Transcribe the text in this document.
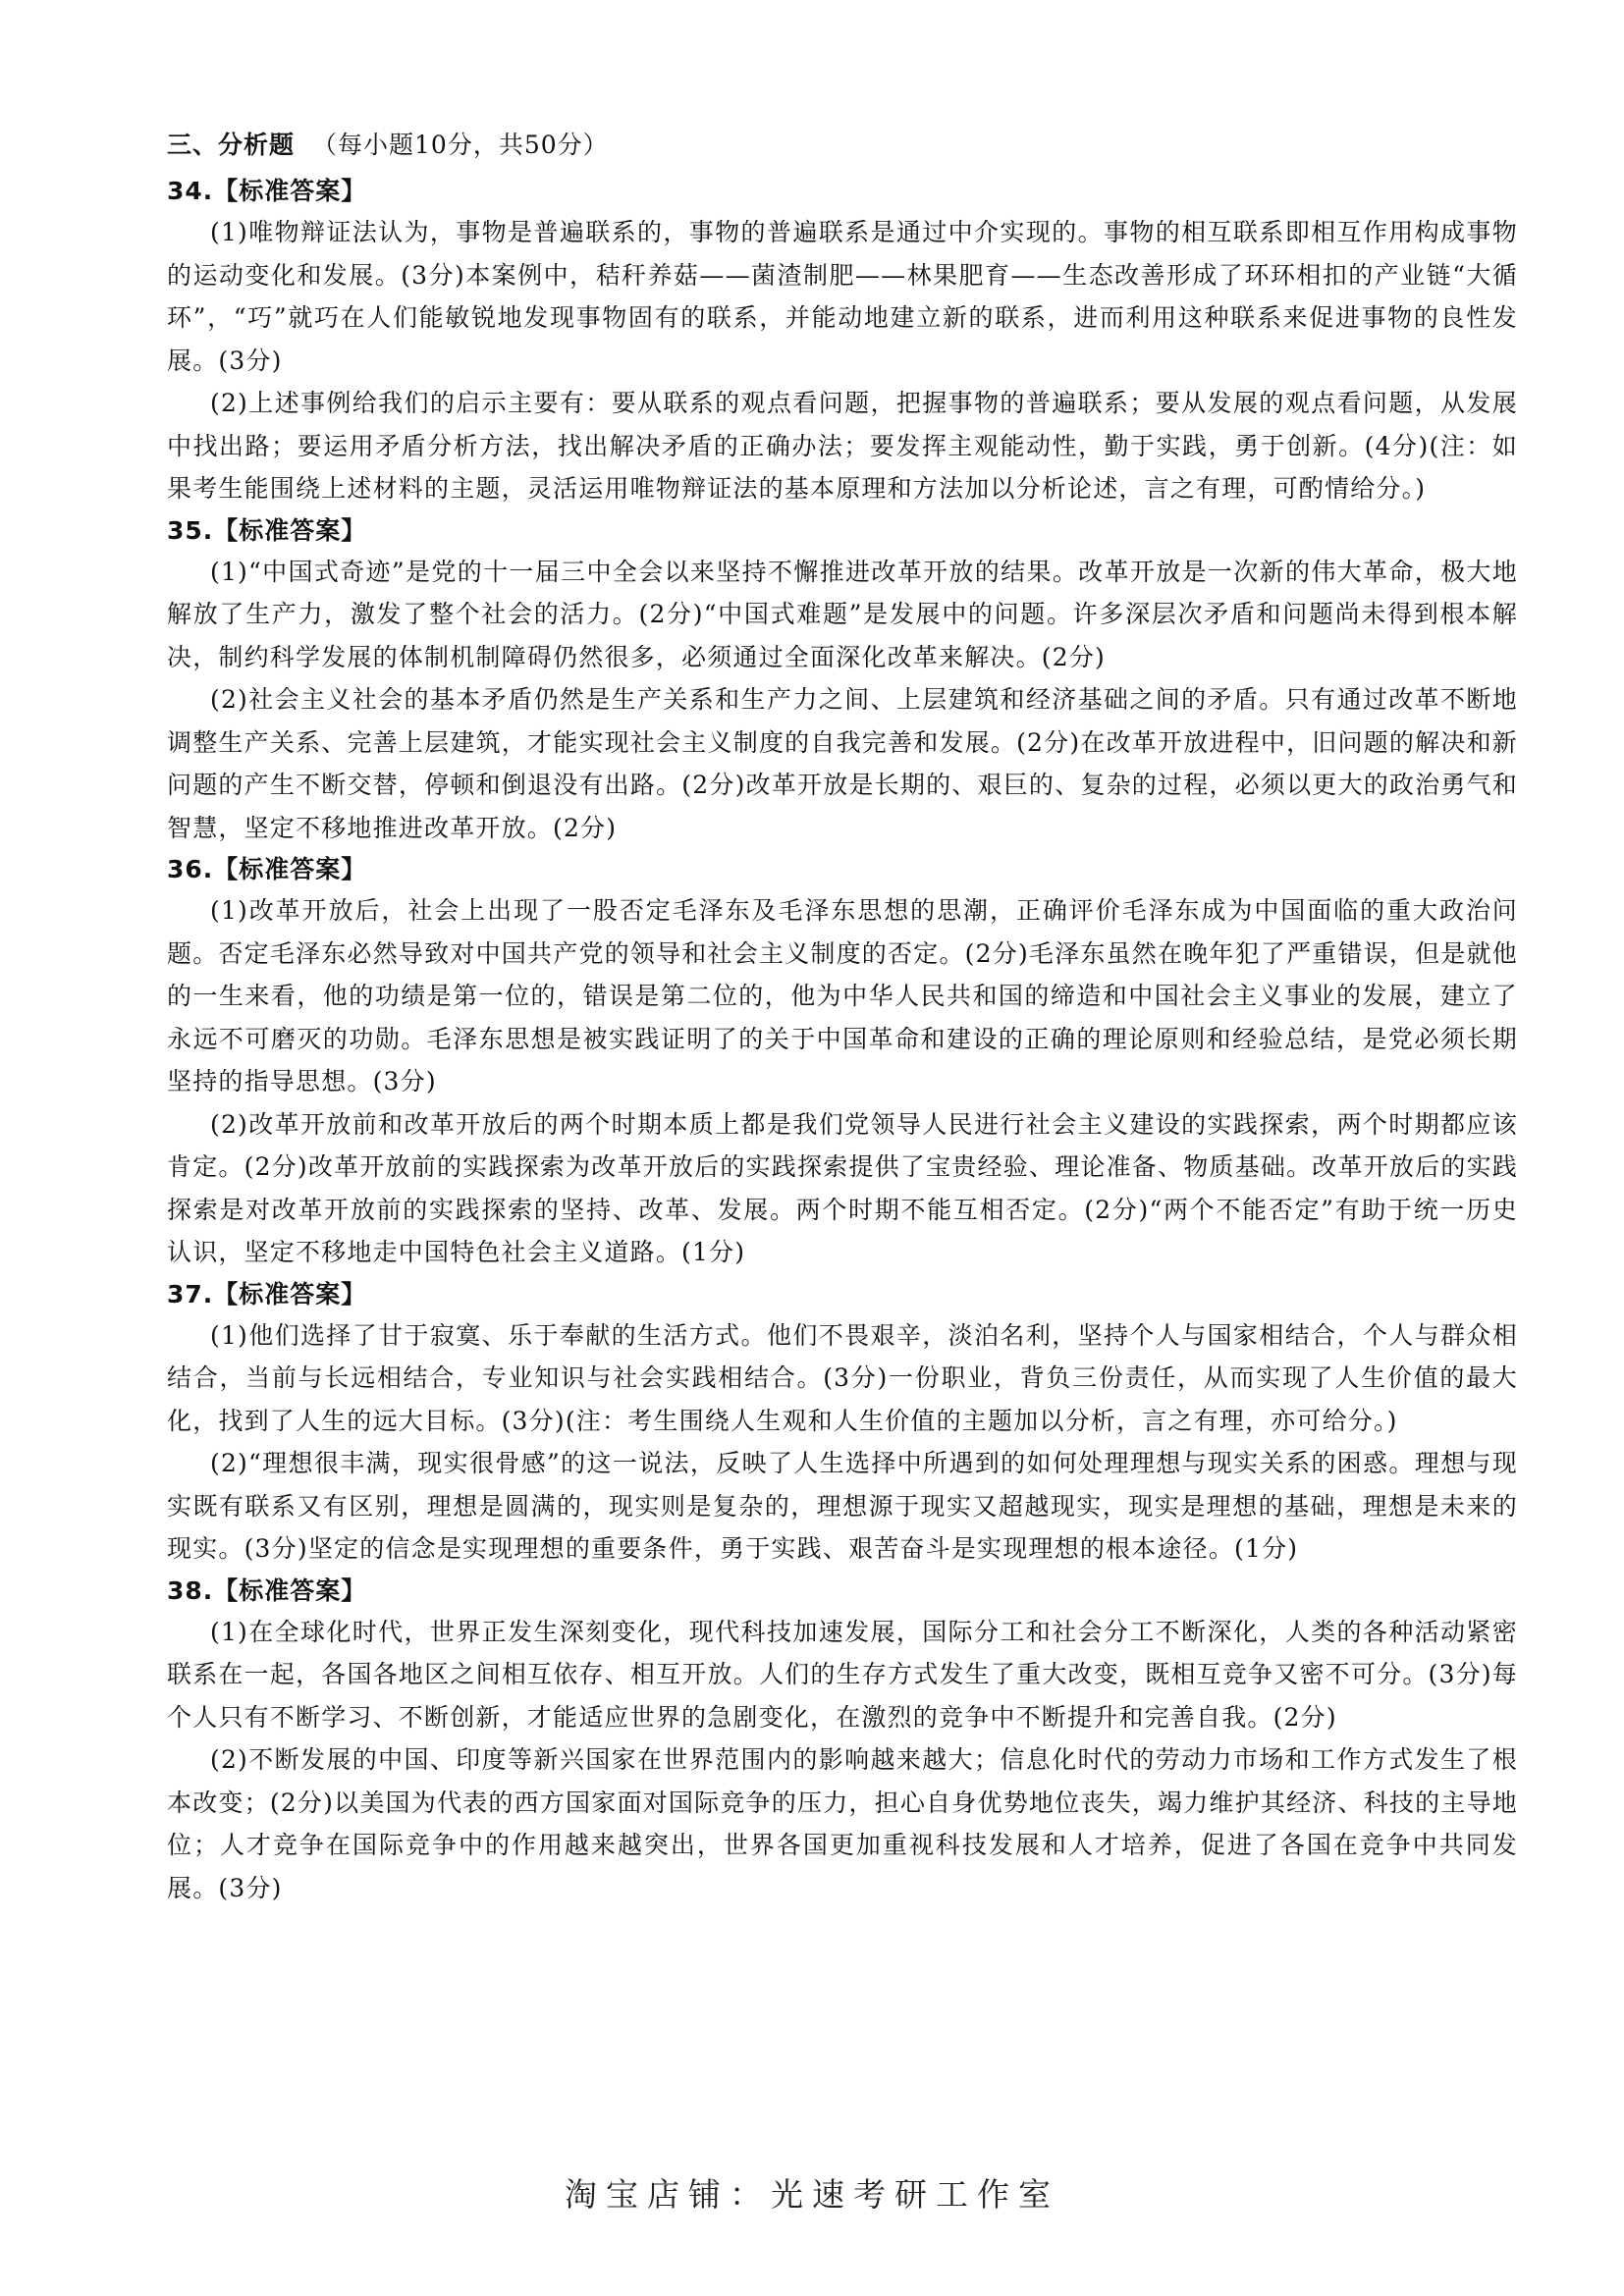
三、分析题 （每小题10分，共50分）
34.【标准答案】

(1)唯物辩证法认为，事物是普遍联系的，事物的普遍联系是通过中介实现的。事物的相互联系即相互作用构成事物的运动变化和发展。(3分)本案例中，秸秆养菇——菌渣制肥——林果肥育——生态改善形成了环环相扣的产业链“大循环”，“巧”就巧在人们能敏锐地发现事物固有的联系，并能动地建立新的联系，进而利用这种联系来促进事物的良性发展。(3分)

(2)上述事例给我们的启示主要有：要从联系的观点看问题，把握事物的普遍联系；要从发展的观点看问题，从发展中找出路；要运用矛盾分析方法，找出解决矛盾的正确办法；要发挥主观能动性，勤于实践，勇于创新。(4分)(注：如果考生能围绕上述材料的主题，灵活运用唯物辩证法的基本原理和方法加以分析论述，言之有理，可酌情给分。)

35.【标准答案】

(1)“中国式奇迹”是党的十一届三中全会以来坚持不懈推进改革开放的结果。改革开放是一次新的伟大革命，极大地解放了生产力，激发了整个社会的活力。(2分)“中国式难题”是发展中的问题。许多深层次矛盾和问题尚未得到根本解决，制约科学发展的体制机制障碍仍然很多，必须通过全面深化改革来解决。(2分)

(2)社会主义社会的基本矛盾仍然是生产关系和生产力之间、上层建筑和经济基础之间的矛盾。只有通过改革不断地调整生产关系、完善上层建筑，才能实现社会主义制度的自我完善和发展。(2分)在改革开放进程中，旧问题的解决和新问题的产生不断交替，停顿和倒退没有出路。(2分)改革开放是长期的、艰巨的、复杂的过程，必须以更大的政治勇气和智慧，坚定不移地推进改革开放。(2分)

36.【标准答案】

(1)改革开放后，社会上出现了一股否定毛泽东及毛泽东思想的思潮，正确评价毛泽东成为中国面临的重大政治问题。否定毛泽东必然导致对中国共产党的领导和社会主义制度的否定。(2分)毛泽东虽然在晚年犯了严重错误，但是就他的一生来看，他的功绩是第一位的，错误是第二位的，他为中华人民共和国的缔造和中国社会主义事业的发展，建立了永远不可磨灭的功勋。毛泽东思想是被实践证明了的关于中国革命和建设的正确的理论原则和经验总结，是党必须长期坚持的指导思想。(3分)

(2)改革开放前和改革开放后的两个时期本质上都是我们党领导人民进行社会主义建设的实践探索，两个时期都应该肯定。(2分)改革开放前的实践探索为改革开放后的实践探索提供了宝贵经验、理论准备、物质基础。改革开放后的实践探索是对改革开放前的实践探索的坚持、改革、发展。两个时期不能互相否定。(2分)“两个不能否定”有助于统一历史认识，坚定不移地走中国特色社会主义道路。(1分)

37.【标准答案】

(1)他们选择了甘于寂寞、乐于奉献的生活方式。他们不畏艰辛，淡泊名利，坚持个人与国家相结合，个人与群众相结合，当前与长远相结合，专业知识与社会实践相结合。(3分)一份职业，背负三份责任，从而实现了人生价值的最大化，找到了人生的远大目标。(3分)(注：考生围绕人生观和人生价值的主题加以分析，言之有理，亦可给分。)

(2)“理想很丰满，现实很骨感”的这一说法，反映了人生选择中所遇到的如何处理理想与现实关系的困惑。理想与现实既有联系又有区别，理想是圆满的，现实则是复杂的，理想源于现实又超越现实，现实是理想的基础，理想是未来的现实。(3分)坚定的信念是实现理想的重要条件，勇于实践、艰苦奋斗是实现理想的根本途径。(1分)

38.【标准答案】

(1)在全球化时代，世界正发生深刻变化，现代科技加速发展，国际分工和社会分工不断深化，人类的各种活动紧密联系在一起，各国各地区之间相互依存、相互开放。人们的生存方式发生了重大改变，既相互竞争又密不可分。(3分)每个人只有不断学习、不断创新，才能适应世界的急剧变化，在激烈的竞争中不断提升和完善自我。(2分)

(2)不断发展的中国、印度等新兴国家在世界范围内的影响越来越大；信息化时代的劳动力市场和工作方式发生了根本改变；(2分)以美国为代表的西方国家面对国际竞争的压力，担心自身优势地位丧失，竭力维护其经济、科技的主导地位；人才竞争在国际竞争中的作用越来越突出，世界各国更加重视科技发展和人才培养，促进了各国在竞争中共同发展。(3分)

淘宝店铺：光速考研工作室
